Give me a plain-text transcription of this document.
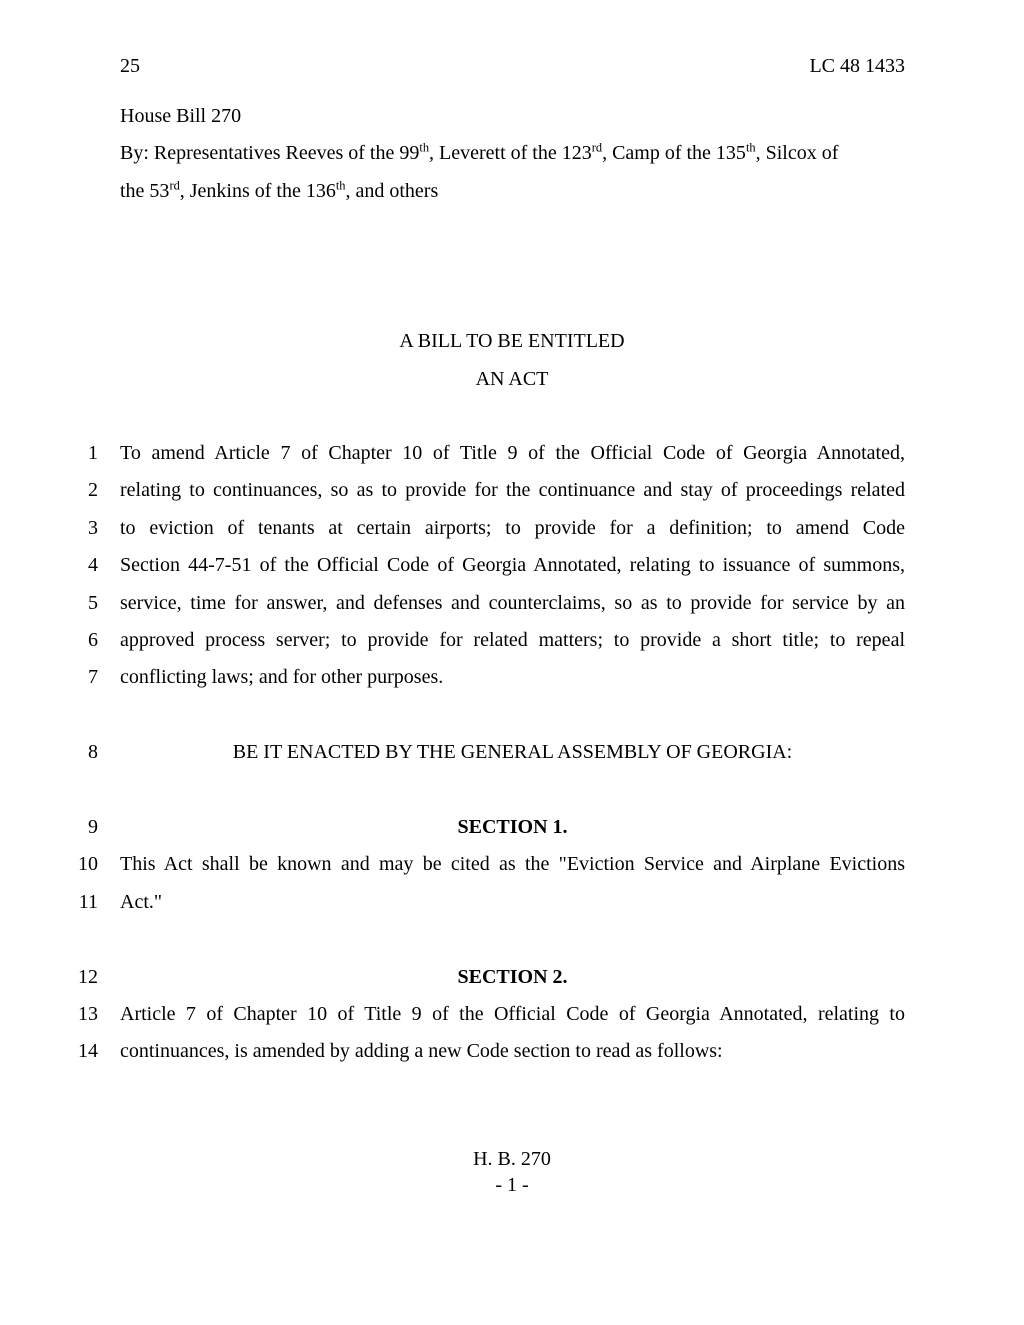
25	LC 48 1433
House Bill 270
By: Representatives Reeves of the 99th, Leverett of the 123rd, Camp of the 135th, Silcox of
the 53rd, Jenkins of the 136th, and others
A BILL TO BE ENTITLED
AN ACT
1 To amend Article 7 of Chapter 10 of Title 9 of the Official Code of Georgia Annotated,
2 relating to continuances, so as to provide for the continuance and stay of proceedings related
3 to eviction of tenants at certain airports; to provide for a definition; to amend Code
4 Section 44-7-51 of the Official Code of Georgia Annotated, relating to issuance of summons,
5 service, time for answer, and defenses and counterclaims, so as to provide for service by an
6 approved process server; to provide for related matters; to provide a short title; to repeal
7 conflicting laws; and for other purposes.
8	BE IT ENACTED BY THE GENERAL ASSEMBLY OF GEORGIA:
9	SECTION 1.
10 This Act shall be known and may be cited as the "Eviction Service and Airplane Evictions
11 Act."
12	SECTION 2.
13 Article 7 of Chapter 10 of Title 9 of the Official Code of Georgia Annotated, relating to
14 continuances, is amended by adding a new Code section to read as follows:
H. B. 270
- 1 -
